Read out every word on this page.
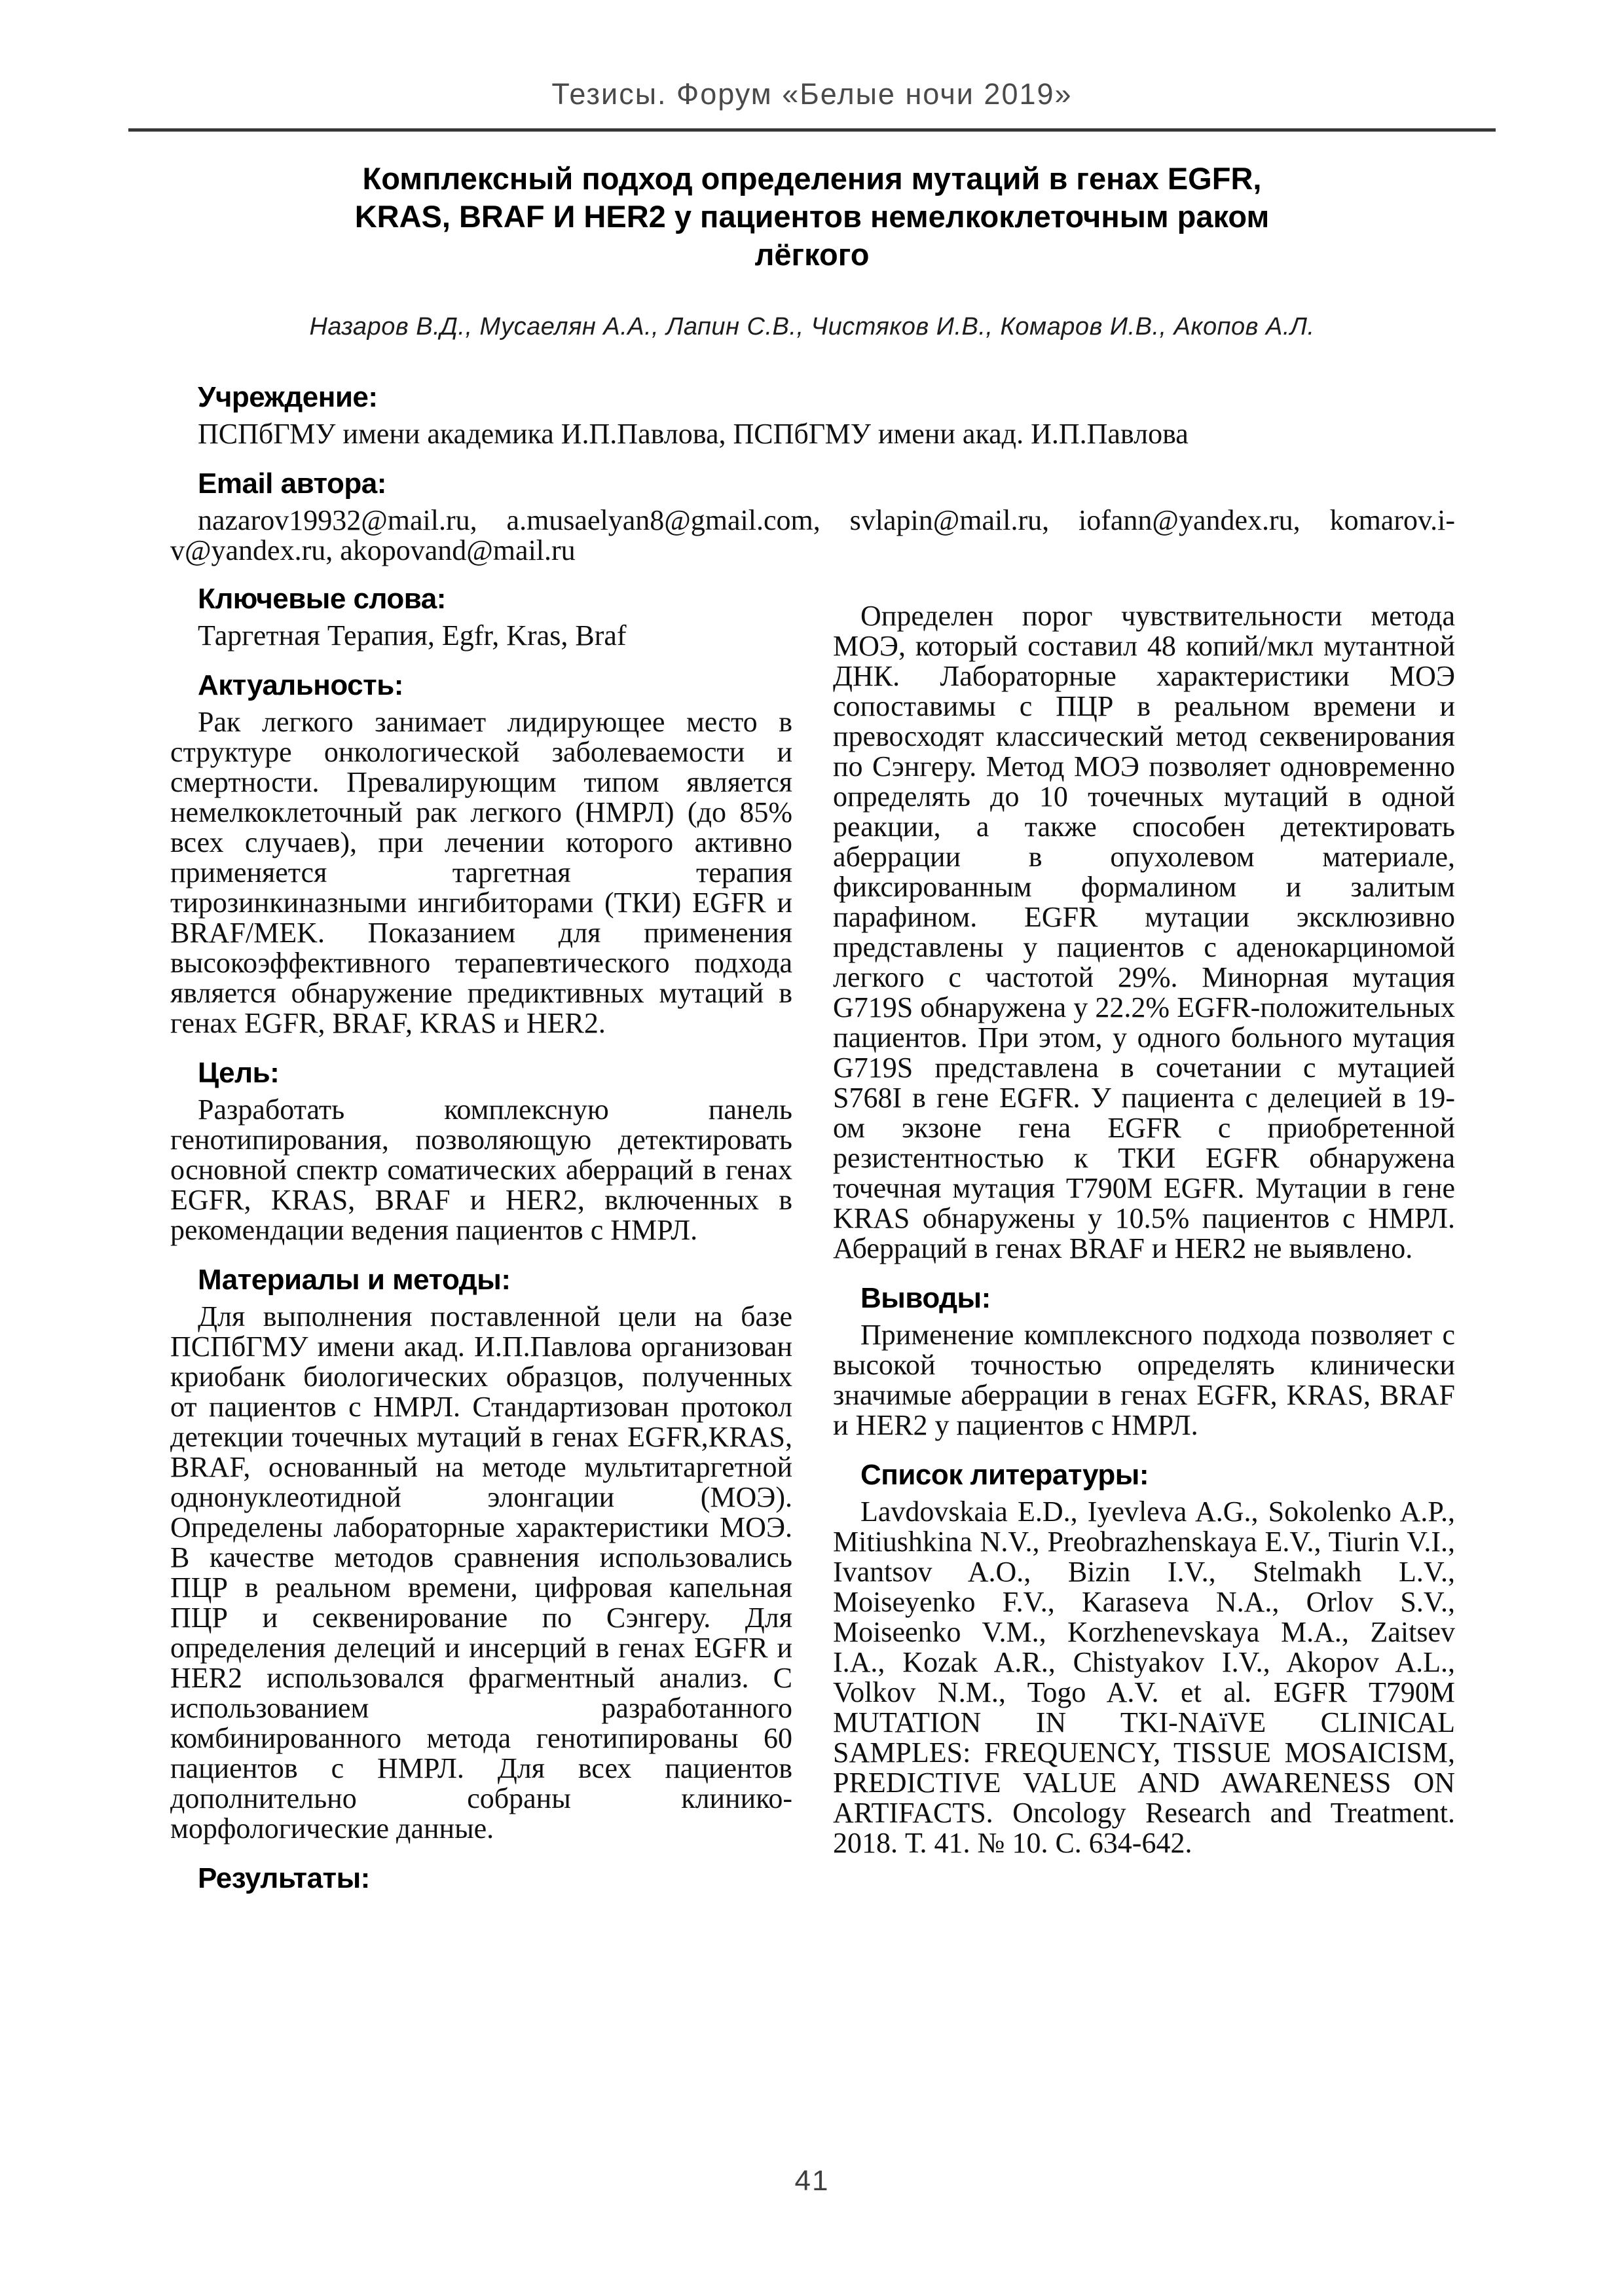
Тезисы. Форум «Белые ночи 2019»
Комплексный подход определения мутаций в генах EGFR,
KRAS, BRAF И HER2 у пациентов немелкоклеточным раком
лёгкого
Назаров В.Д., Мусаелян А.А., Лапин С.В., Чистяков И.В., Комаров И.В., Акопов А.Л.
Учреждение:

ПСПбГМУ имени академика И.П.Павлова, ПСПбГМУ имени акад. И.П.Павлова

Email автора:

nazarov19932@mail.ru, a.musaelyan8@gmail.com, svlapin@mail.ru, iofann@yandex.ru, komarov.i-v@yandex.ru, akopovand@mail.ru

Ключевые слова:

Таргетная Терапия, Egfr, Kras, Braf

Актуальность:

Рак легкого занимает лидирующее место в структуре онкологической заболеваемости и смертности. Превалирующим типом является немелкоклеточный рак легкого (НМРЛ) (до 85% всех случаев), при лечении которого активно применяется таргетная терапия тирозинкиназными ингибиторами (ТКИ) EGFR и BRAF/MEK. Показанием для применения высокоэффективного терапевтического подхода является обнаружение предиктивных мутаций в генах EGFR, BRAF, KRAS и HER2.

Цель:

Разработать комплексную панель генотипирования, позволяющую детектировать основной спектр соматических аберраций в генах EGFR, KRAS, BRAF и HER2, включенных в рекомендации ведения пациентов с НМРЛ.

Материалы и методы:

Для выполнения поставленной цели на базе ПСПбГМУ имени акад. И.П.Павлова организован криобанк биологических образцов, полученных от пациентов с НМРЛ. Стандартизован протокол детекции точечных мутаций в генах EGFR,KRAS, BRAF, основанный на методе мультитаргетной однонуклеотидной элонгации (МОЭ). Определены лабораторные характеристики МОЭ. В качестве методов сравнения использовались ПЦР в реальном времени, цифровая капельная ПЦР и секвенирование по Сэнгеру. Для определения делеций и инсерций в генах EGFR и HER2 использовался фрагментный анализ. С использованием разработанного комбинированного метода генотипированы 60 пациентов с НМРЛ. Для всех пациентов дополнительно собраны клинико-морфологические данные.

Результаты:

Определен порог чувствительности метода МОЭ, который составил 48 копий/мкл мутантной ДНК. Лабораторные характеристики МОЭ сопоставимы с ПЦР в реальном времени и превосходят классический метод секвенирования по Сэнгеру. Метод МОЭ позволяет одновременно определять до 10 точечных мутаций в одной реакции, а также способен детектировать аберрации в опухолевом материале, фиксированным формалином и залитым парафином. EGFR мутации эксклюзивно представлены у пациентов с аденокарциномой легкого с частотой 29%. Минорная мутация G719S обнаружена у 22.2% EGFR-положительных пациентов. При этом, у одного больного мутация G719S представлена в сочетании с мутацией S768I в гене EGFR. У пациента с делецией в 19-ом экзоне гена EGFR с приобретенной резистентностью к ТКИ EGFR обнаружена точечная мутация T790M EGFR. Мутации в гене KRAS обнаружены у 10.5% пациентов с НМРЛ. Аберраций в генах BRAF и HER2 не выявлено.

Выводы:

Применение комплексного подхода позволяет с высокой точностью определять клинически значимые аберрации в генах EGFR, KRAS, BRAF и HER2 у пациентов с НМРЛ.

Список литературы:

Lavdovskaia E.D., Iyevleva A.G., Sokolenko A.P., Mitiushkina N.V., Preobrazhenskaya E.V., Tiurin V.I., Ivantsov A.O., Bizin I.V., Stelmakh L.V., Moiseyenko F.V., Karaseva N.A., Orlov S.V., Moiseenko V.M., Korzhenevskaya M.A., Zaitsev I.A., Kozak A.R., Chistyakov I.V., Akopov A.L., Volkov N.M., Togo A.V. et al. EGFR T790M MUTATION IN TKI-NAïVE CLINICAL SAMPLES: FREQUENCY, TISSUE MOSAICISM, PREDICTIVE VALUE AND AWARENESS ON ARTIFACTS. Oncology Research and Treatment. 2018. Т. 41. № 10. С. 634-642.

41
